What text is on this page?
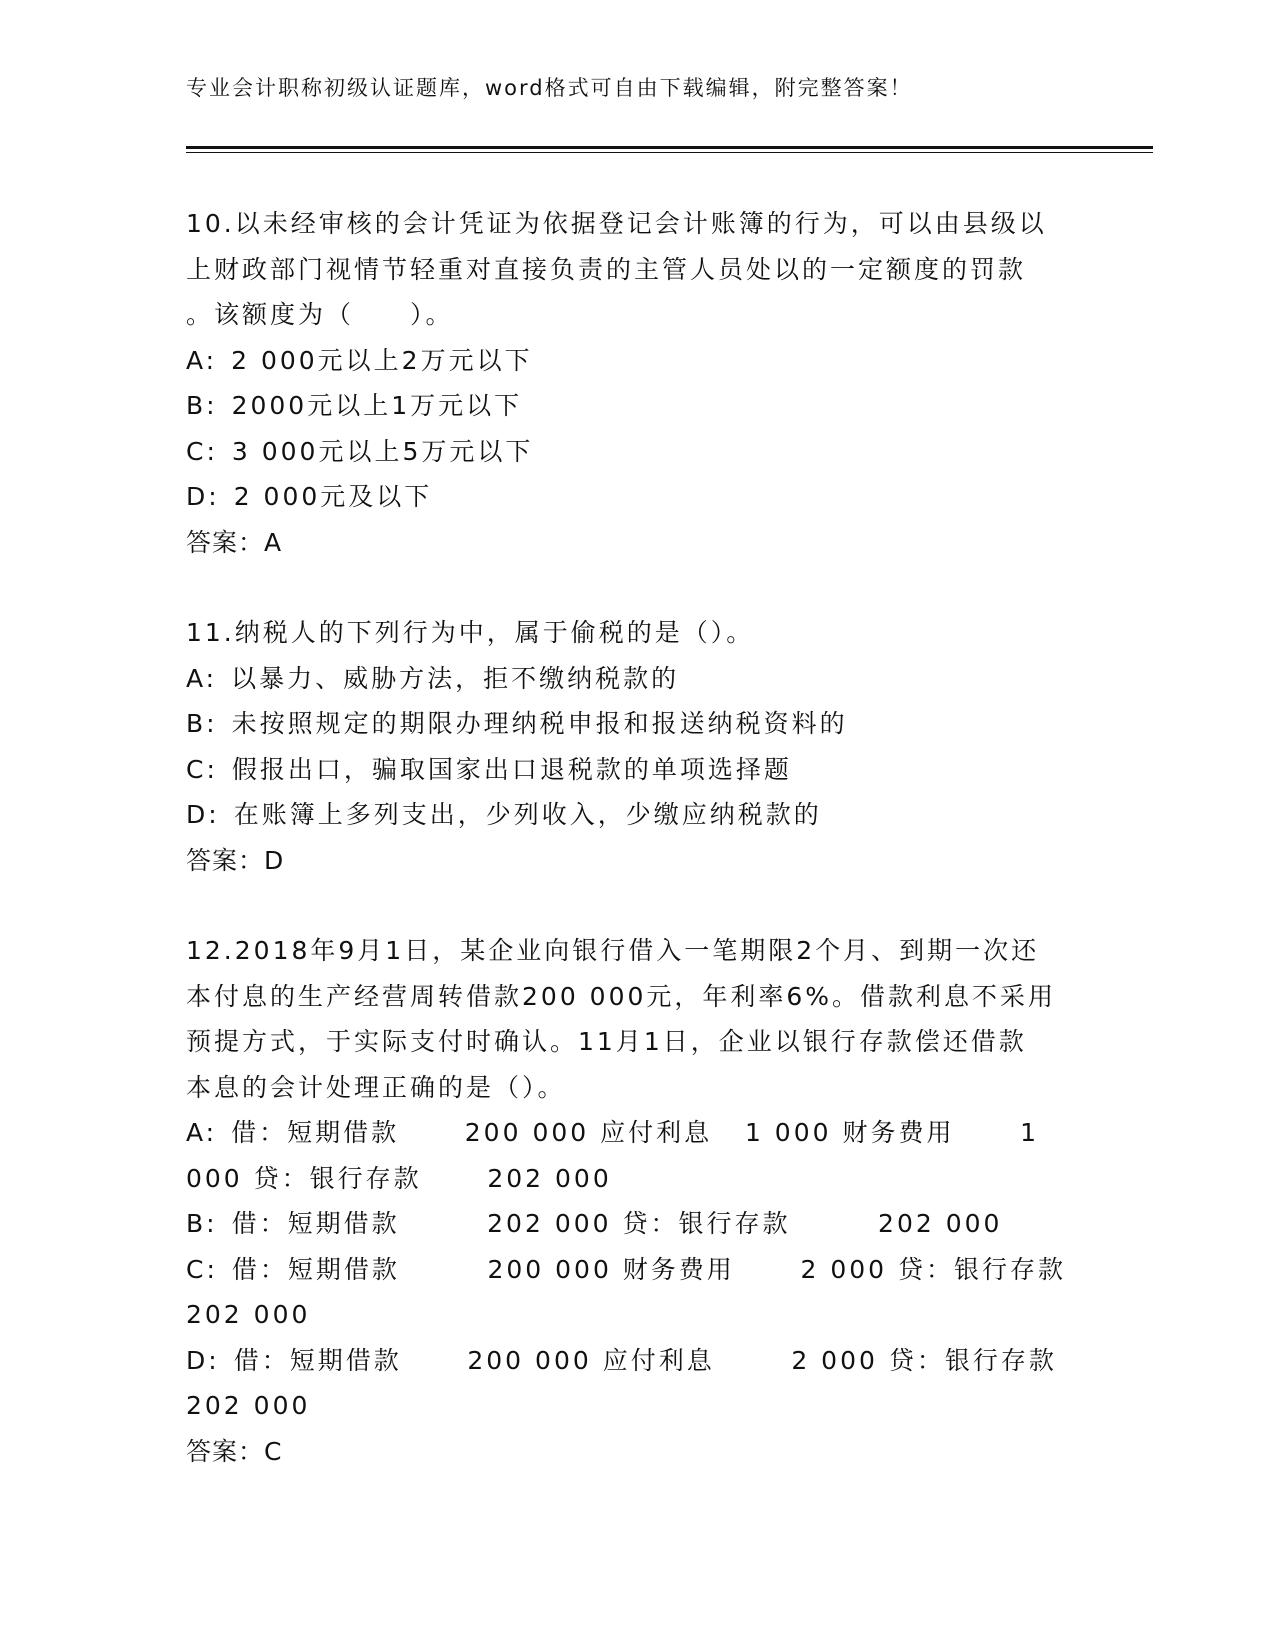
专业会计职称初级认证题库，word格式可自由下载编辑，附完整答案！
10.以未经审核的会计凭证为依据登记会计账簿的行为，可以由县级以
上财政部门视情节轻重对直接负责的主管人员处以的一定额度的罚款
。该额度为（　　）。
A: 2 000元以上2万元以下
B: 2000元以上1万元以下
C: 3 000元以上5万元以下
D: 2 000元及以下
答案：A
11.纳税人的下列行为中，属于偷税的是（）。
A: 以暴力、威胁方法，拒不缴纳税款的
B: 未按照规定的期限办理纳税申报和报送纳税资料的
C: 假报出口，骗取国家出口退税款的单项选择题
D: 在账簿上多列支出，少列收入，少缴应纳税款的
答案：D
12.2018年9月1日，某企业向银行借入一笔期限2个月、到期一次还
本付息的生产经营周转借款200 000元，年利率6%。借款利息不采用
预提方式，于实际支付时确认。11月1日，企业以银行存款偿还借款
本息的会计处理正确的是（）。
A: 借：短期借款      200 000 应付利息   1 000 财务费用      1
000 贷：银行存款      202 000
B: 借：短期借款        202 000 贷：银行存款        202 000
C: 借：短期借款        200 000 财务费用      2 000 贷：银行存款
202 000
D: 借：短期借款      200 000 应付利息       2 000 贷：银行存款
202 000
答案：C
